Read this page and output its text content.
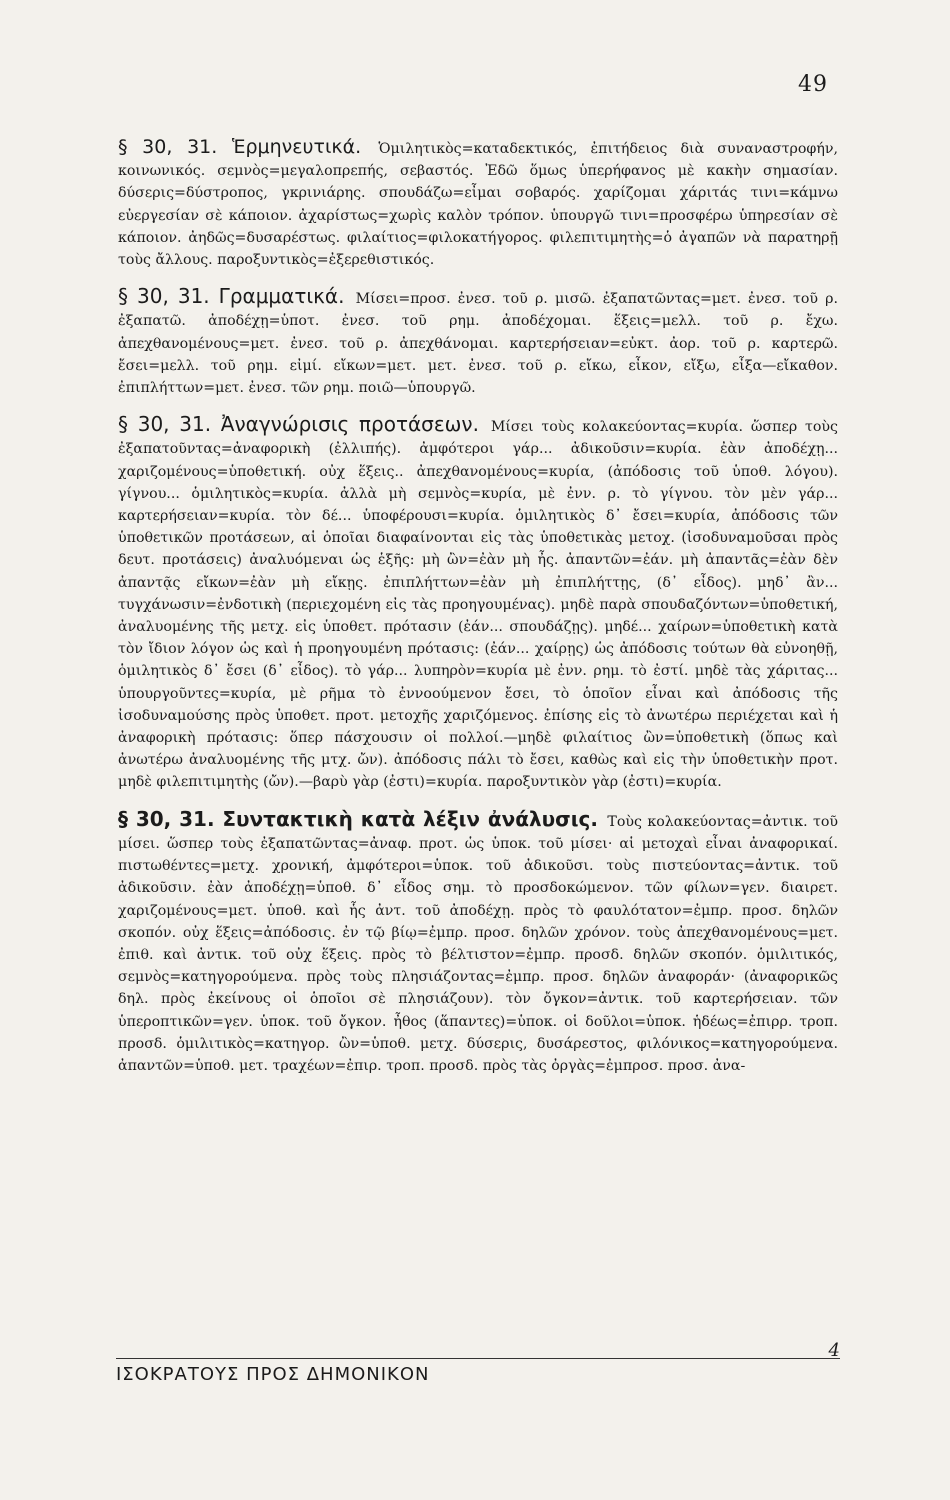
49

§ 30, 31. Ἑρμηνευτικά. Ὁμιλητικὸς=καταδεκτικός, ἐπιτήδειος διὰ συναναστροφήν, κοινωνικός. σεμνὸς=μεγαλοπρεπής, σεβαστός. Ἐδῶ ὅμως ὑπερήφανος μὲ κακὴν σημασίαν. δύσερις=δύστροπος, γκρινιάρης. σπουδάζω=εἶμαι σοβαρός. χαρίζομαι χάριτάς τινι=κάμνω εὐεργεσίαν σὲ κάποιον. ἀχαρίστως=χωρὶς καλὸν τρόπον. ὑπουργῶ τινι=προσφέρω ὑπηρεσίαν σὲ κάποιον. ἀηδῶς=δυσαρέστως. φιλαίτιος=φιλοκατήγορος. φιλεπιτιμητὴς=ὁ ἀγαπῶν νὰ παρατηρῇ τοὺς ἄλλους. παροξυντικὸς=ἐξερεθιστικός.

§ 30, 31. Γραμματικά. Μίσει=προσ. ἐνεσ. τοῦ ρ. μισῶ. ἐξαπατῶντας=μετ. ἐνεσ. τοῦ ρ. ἐξαπατῶ. ἀποδέχῃ=ὑποτ. ἐνεσ. τοῦ ρημ. ἀποδέχομαι. ἕξεις=μελλ. τοῦ ρ. ἔχω. ἀπεχθανομένους=μετ. ἐνεσ. τοῦ ρ. ἀπεχθάνομαι. καρτερήσειαν=εὐκτ. ἀορ. τοῦ ρ. καρτερῶ. ἔσει=μελλ. τοῦ ρημ. εἰμί. εἴκων=μετ. μετ. ἐνεσ. τοῦ ρ. εἴκω, εἶκον, εἴξω, εἶξα—εἴκαθον. ἐπιπλήττων=μετ. ἐνεσ. τῶν ρημ. ποιῶ—ὑπουργῶ.

§ 30, 31. Ἀναγνώρισις προτάσεων. Μίσει τοὺς κολακεύοντας=κυρία. ὥσπερ τοὺς ἐξαπατοῦντας=ἀναφορικὴ (ἐλλιπής). ἀμφότεροι γάρ... ἀδικοῦσιν=κυρία. ἐὰν ἀποδέχῃ... χαριζομένους=ὑποθετική. οὐχ ἕξεις.. ἀπεχθανομένους=κυρία, (ἀπόδοσις τοῦ ὑποθ. λόγου). γίγνου... ὁμιλητικὸς=κυρία. ἀλλὰ μὴ σεμνὸς=κυρία, μὲ ἐνν. ρ. τὸ γίγνου. τὸν μὲν γάρ... καρτερήσειαν=κυρία. τὸν δέ... ὑποφέρουσι=κυρία. ὁμιλητικὸς δ᾿ ἔσει=κυρία, ἀπόδοσις τῶν ὑποθετικῶν προτάσεων, αἱ ὁποῖαι διαφαίνονται εἰς τὰς ὑποθετικὰς μετοχ. (ἰσοδυναμοῦσαι πρὸς δευτ. προτάσεις) ἀναλυόμεναι ὡς ἑξῆς: μὴ ὢν=ἐὰν μὴ ἦς. ἀπαντῶν=ἐάν. μὴ ἀπαντᾶς=ἐὰν δὲν ἀπαντᾷς εἴκων=ἐὰν μὴ εἴκῃς. ἐπιπλήττων=ἐὰν μὴ ἐπιπλήττῃς, (δ᾿ εἶδος). μηδ᾿ ἂν... τυγχάνωσιν=ἐνδοτικὴ (περιεχομένη εἰς τὰς προηγουμένας). μηδὲ παρὰ σπουδαζόντων=ὑποθετική, ἀναλυομένης τῆς μετχ. εἰς ὑποθετ. πρότασιν (ἐάν... σπουδάζῃς). μηδέ... χαίρων=ὑποθετικὴ κατὰ τὸν ἴδιον λόγον ὡς καὶ ἡ προηγουμένη πρότασις: (ἐάν... χαίρῃς) ὡς ἀπόδοσις τούτων θὰ εὐνοηθῇ, ὁμιλητικὸς δ᾿ ἔσει (δ᾿ εἶδος). τὸ γάρ... λυπηρὸν=κυρία μὲ ἐνν. ρημ. τὸ ἐστί. μηδὲ τὰς χάριτας... ὑπουργοῦντες=κυρία, μὲ ρῆμα τὸ ἐννοούμενον ἔσει, τὸ ὁποῖον εἶναι καὶ ἀπόδοσις τῆς ἰσοδυναμούσης πρὸς ὑποθετ. προτ. μετοχῆς χαριζόμενος. ἐπίσης εἰς τὸ ἀνωτέρω περιέχεται καὶ ἡ ἀναφορικὴ πρότασις: ὅπερ πάσχουσιν οἱ πολλοί.—μηδὲ φιλαίτιος ὢν=ὑποθετικὴ (ὅπως καὶ ἀνωτέρω ἀναλυομένης τῆς μτχ. ὤν). ἀπόδοσις πάλι τὸ ἔσει, καθὼς καὶ εἰς τὴν ὑποθετικὴν προτ. μηδὲ φιλεπιτιμητὴς (ὤν).—βαρὺ γὰρ (ἐστι)=κυρία. παροξυντικὸν γὰρ (ἐστι)=κυρία.

§ 30, 31. Συντακτικὴ κατὰ λέξιν ἀνάλυσις. Τοὺς κολακεύοντας=ἀντικ. τοῦ μίσει. ὥσπερ τοὺς ἐξαπατῶντας=ἀναφ. προτ. ὡς ὑποκ. τοῦ μίσει· αἱ μετοχαὶ εἶναι ἀναφορικαί. πιστωθέντες=μετχ. χρονική, ἀμφότεροι=ὑποκ. τοῦ ἀδικοῦσι. τοὺς πιστεύοντας=ἀντικ. τοῦ ἀδικοῦσιν. ἐὰν ἀποδέχῃ=ὑποθ. δ᾿ εἶδος σημ. τὸ προσδοκώμενον. τῶν φίλων=γεν. διαιρετ. χαριζομένους=μετ. ὑποθ. καὶ ἧς ἀντ. τοῦ ἀποδέχῃ. πρὸς τὸ φαυλότατον=ἐμπρ. προσ. δηλῶν σκοπόν. οὐχ ἕξεις=ἀπόδοσις. ἐν τῷ βίῳ=ἐμπρ. προσ. δηλῶν χρόνον. τοὺς ἀπεχθανομένους=μετ. ἐπιθ. καὶ ἀντικ. τοῦ οὐχ ἕξεις. πρὸς τὸ βέλτιστον=ἐμπρ. προσδ. δηλῶν σκοπόν. ὁμιλιτικός, σεμνὸς=κατηγορούμενα. πρὸς τοὺς πλησιάζοντας=ἐμπρ. προσ. δηλῶν ἀναφοράν· (ἀναφορικῶς δηλ. πρὸς ἐκείνους οἱ ὁποῖοι σὲ πλησιάζουν). τὸν ὄγκον=ἀντικ. τοῦ καρτερήσειαν. τῶν ὑπεροπτικῶν=γεν. ὑποκ. τοῦ ὄγκον. ἦθος (ἅπαντες)=ὑποκ. οἱ δοῦλοι=ὑποκ. ἡδέως=ἐπιρρ. τροπ. προσδ. ὁμιλιτικὸς=κατηγορ. ὢν=ὑποθ. μετχ. δύσερις, δυσάρεστος, φιλόνικος=κατηγορούμενα. ἀπαντῶν=ὑποθ. μετ. τραχέων=ἐπιρ. τροπ. προσδ. πρὸς τὰς ὀργὰς=ἐμπροσ. προσ. ἀνα-

4
ΙΣΟΚΡΑΤΟΥΣ ΠΡΟΣ ΔΗΜΟΝΙΚΟΝ
